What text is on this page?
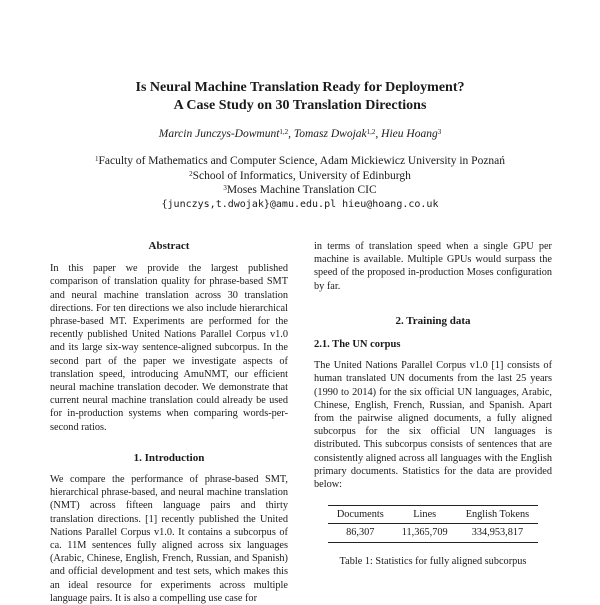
Is Neural Machine Translation Ready for Deployment?
A Case Study on 30 Translation Directions
Marcin Junczys-Dowmunt$^{1,2}$, Tomasz Dwojak$^{1,2}$, Hieu Hoang$^3$
$^1$Faculty of Mathematics and Computer Science, Adam Mickiewicz University in Poznań
$^2$School of Informatics, University of Edinburgh
$^3$Moses Machine Translation CIC
{junczys,t.dwojak}@amu.edu.pl hieu@hoang.co.uk
Abstract

In this paper we provide the largest published comparison of translation quality for phrase-based SMT and neural machine translation across 30 translation directions. For ten directions we also include hierarchical phrase-based MT. Experiments are performed for the recently published United Nations Parallel Corpus v1.0 and its large six-way sentence-aligned subcorpus. In the second part of the paper we investigate aspects of translation speed, introducing AmuNMT, our efficient neural machine translation decoder. We demonstrate that current neural machine translation could already be used for in-production systems when comparing words-per-second ratios.

1. Introduction

We compare the performance of phrase-based SMT, hierarchical phrase-based, and neural machine translation (NMT) across fifteen language pairs and thirty translation directions. [1] recently published the United Nations Parallel Corpus v1.0. It contains a subcorpus of ca. 11M sentences fully aligned across six languages (Arabic, Chinese, English, French, Russian, and Spanish) and official development and test sets, which makes this an ideal resource for experiments across multiple language pairs. It is also a compelling use case for

in terms of translation speed when a single GPU per machine is available. Multiple GPUs would surpass the speed of the proposed in-production Moses configuration by far.

2. Training data
2.1. The UN corpus

The United Nations Parallel Corpus v1.0 [1] consists of human translated UN documents from the last 25 years (1990 to 2014) for the six official UN languages, Arabic, Chinese, English, French, Russian, and Spanish. Apart from the pairwise aligned documents, a fully aligned subcorpus for the six official UN languages is distributed. This subcorpus consists of sentences that are consistently aligned across all languages with the English primary documents. Statistics for the data are provided below:

Documents	Lines	English Tokens
86,307	11,365,709	334,953,817
Table 1: Statistics for fully aligned subcorpus
